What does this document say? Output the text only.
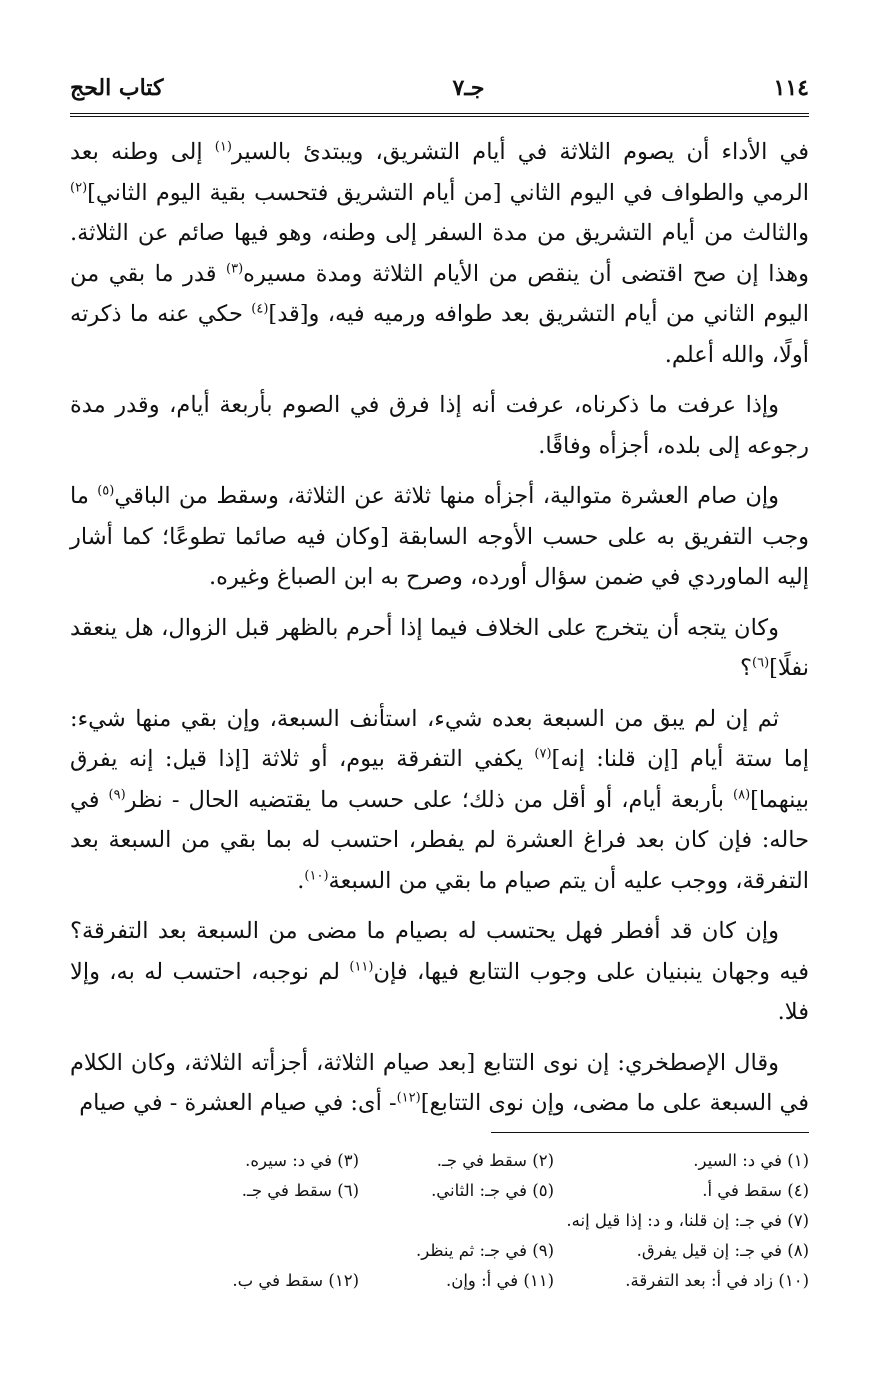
١١٤
جـ٧
كتاب الحج

في الأداء أن يصوم الثلاثة في أيام التشريق، ويبتدئ بالسير$^{(١)}$ إلى وطنه بعد الرمي والطواف في اليوم الثاني [من أيام التشريق فتحسب بقية اليوم الثاني]$^{(٢)}$ والثالث من أيام التشريق من مدة السفر إلى وطنه، وهو فيها صائم عن الثلاثة. وهذا إن صح اقتضى أن ينقص من الأيام الثلاثة ومدة مسيره$^{(٣)}$ قدر ما بقي من اليوم الثاني من أيام التشريق بعد طوافه ورميه فيه، و[قد]$^{(٤)}$ حكي عنه ما ذكرته أولًا، والله أعلم.

وإذا عرفت ما ذكرناه، عرفت أنه إذا فرق في الصوم بأربعة أيام، وقدر مدة رجوعه إلى بلده، أجزأه وفاقًا.

وإن صام العشرة متوالية، أجزأه منها ثلاثة عن الثلاثة، وسقط من الباقي$^{(٥)}$ ما وجب التفريق به على حسب الأوجه السابقة [وكان فيه صائما تطوعًا؛ كما أشار إليه الماوردي في ضمن سؤال أورده، وصرح به ابن الصباغ وغيره.

وكان يتجه أن يتخرج على الخلاف فيما إذا أحرم بالظهر قبل الزوال، هل ينعقد نفلًا]$^{(٦)}$؟

ثم إن لم يبق من السبعة بعده شيء، استأنف السبعة، وإن بقي منها شيء: إما ستة أيام [إن قلنا: إنه]$^{(٧)}$ يكفي التفرقة بيوم، أو ثلاثة [إذا قيل: إنه يفرق بينهما]$^{(٨)}$ بأربعة أيام، أو أقل من ذلك؛ على حسب ما يقتضيه الحال - نظر$^{(٩)}$ في حاله: فإن كان بعد فراغ العشرة لم يفطر، احتسب له بما بقي من السبعة بعد التفرقة، ووجب عليه أن يتم صيام ما بقي من السبعة$^{(١٠)}$.

وإن كان قد أفطر فهل يحتسب له بصيام ما مضى من السبعة بعد التفرقة؟ فيه وجهان ينبنيان على وجوب التتابع فيها، فإن$^{(١١)}$ لم نوجبه، احتسب له به، وإلا فلا.

وقال الإصطخري: إن نوى التتابع [بعد صيام الثلاثة، أجزأته الثلاثة، وكان الكلام في السبعة على ما مضى، وإن نوى التتابع]$^{(١٢)}$- أى: في صيام العشرة - في صيام

(١) في د: السير.
(٢) سقط في جـ.
(٣) في د: سيره.
(٤) سقط في أ.
(٥) في جـ: الثاني.
(٦) سقط في جـ.
(٧) في جـ: إن قلنا، و د: إذا قيل إنه.
(٨) في جـ: إن قيل يفرق.
(٩) في جـ: ثم ينظر.
(١٠) زاد في أ: بعد التفرقة.
(١١) في أ: وإن.
(١٢) سقط في ب.
